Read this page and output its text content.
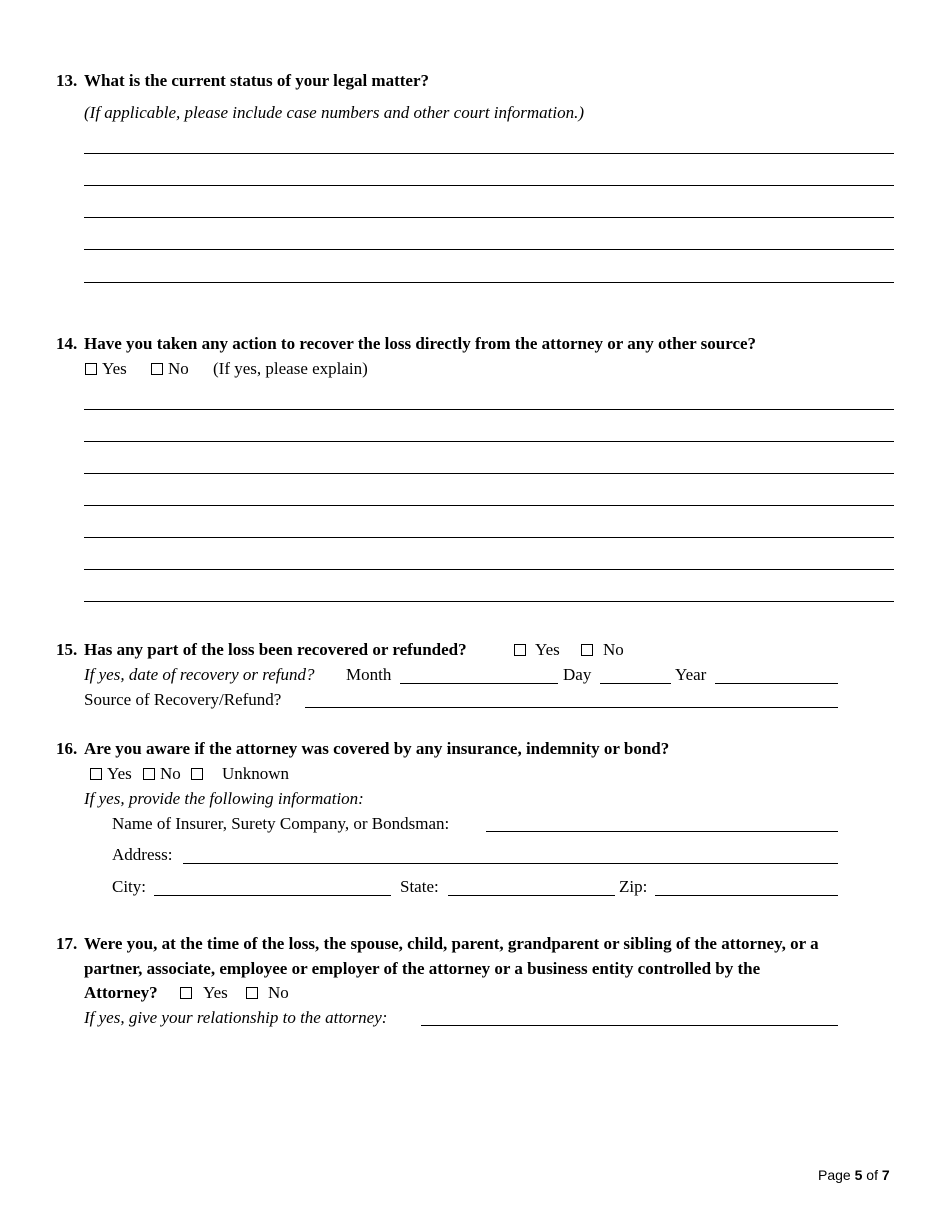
13. What is the current status of your legal matter?
(If applicable, please include case numbers and other court information.)
14. Have you taken any action to recover the loss directly from the attorney or any other source?
Yes	No (If yes, please explain)
15. Has any part of the loss been recovered or refunded?	Yes	No
If yes, date of recovery or refund? Month	Day	Year
Source of Recovery/Refund?
16. Are you aware if the attorney was covered by any insurance, indemnity or bond?
Yes	No	Unknown
If yes, provide the following information:
Name of Insurer, Surety Company, or Bondsman:
Address:
City:	State:	Zip:
17. Were you, at the time of the loss, the spouse, child, parent, grandparent or sibling of the attorney, or a
partner, associate, employee or employer of the attorney or a business entity controlled by the
Attorney?	Yes	No
If yes, give your relationship to the attorney:
Page 5 of 7
